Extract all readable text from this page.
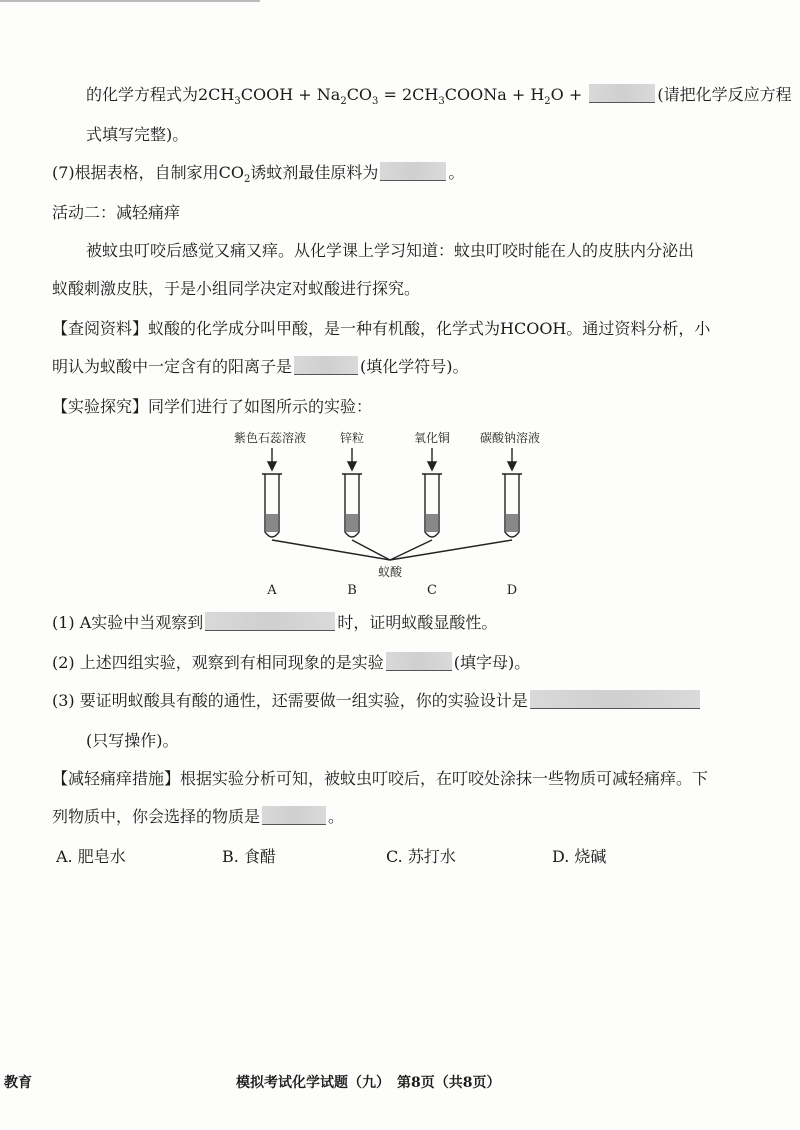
的化学方程式为$2CH_3COOH + Na_2CO_3$ = $2CH_3COONa + H_2O$ +	(请把化学反应方程
式填写完整)。
(7)根据表格，自制家用$CO_2$诱蚊剂最佳原料为	。
活动二：减轻痛痒
被蚊虫叮咬后感觉又痛又痒。从化学课上学习知道：蚊虫叮咬时能在人的皮肤内分泌出
蚁酸刺激皮肤，于是小组同学决定对蚁酸进行探究。
【查阅资料】蚁酸的化学成分叫甲酸，是一种有机酸，化学式为HCOOH。通过资料分析，小
明认为蚁酸中一定含有的阳离子是	(填化学符号)。
【实验探究】同学们进行了如图所示的实验：
紫色石蕊溶液	锌粒	氧化铜 碳酸钠溶液
蚁酸
A	B	C	D
(1) A实验中当观察到	时，证明蚁酸显酸性。
(2) 上述四组实验，观察到有相同现象的是实验	(填字母)。
(3) 要证明蚁酸具有酸的通性，还需要做一组实验，你的实验设计是
(只写操作)。
【减轻痛痒措施】根据实验分析可知，被蚊虫叮咬后，在叮咬处涂抹一些物质可减轻痛痒。下
列物质中，你会选择的物质是	。
A. 肥皂水	B. 食醋	C. 苏打水	D. 烧碱
教育	模拟考试化学试题（九）　第8页（共8页）
